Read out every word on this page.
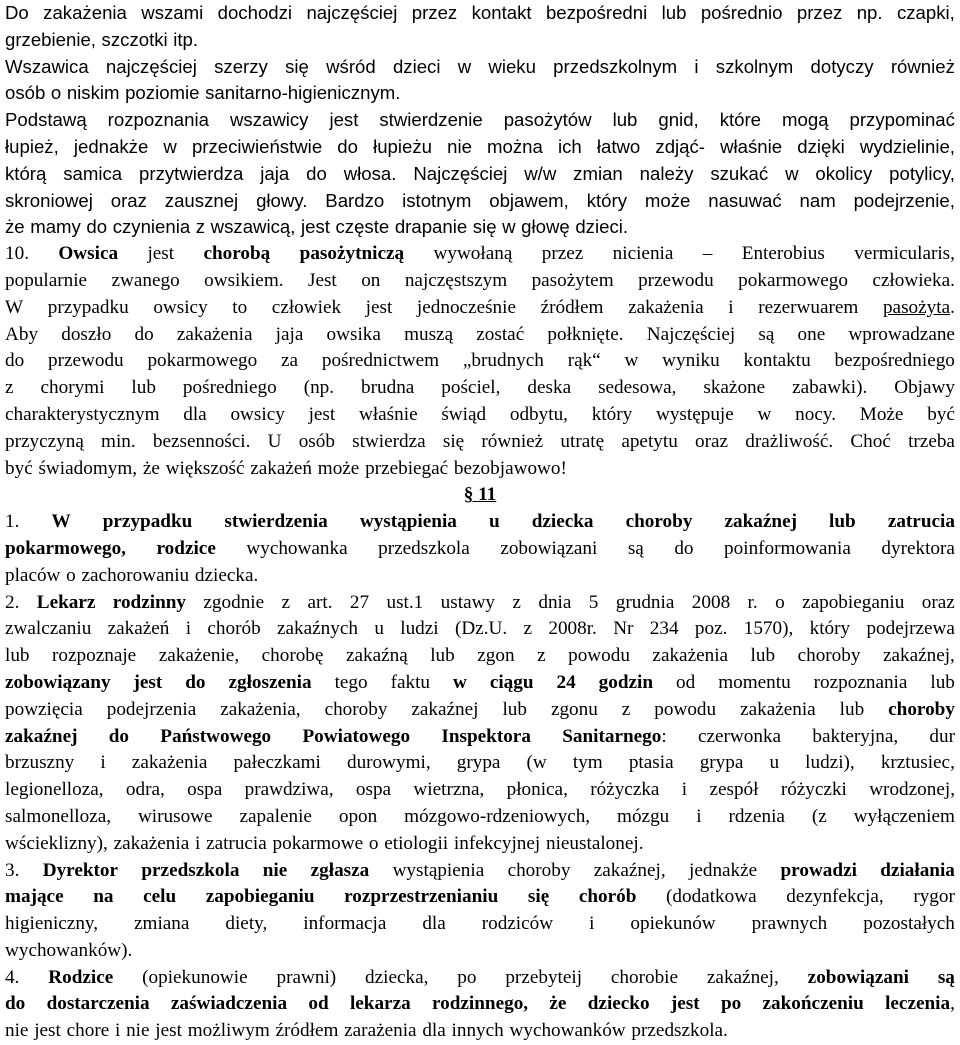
Do zakażenia wszami dochodzi najczęściej przez kontakt bezpośredni lub pośrednio przez np. czapki,
grzebienie, szczotki itp.
Wszawica najczęściej szerzy się wśród dzieci w wieku przedszkolnym i szkolnym dotyczy również
osób o niskim poziomie sanitarno-higienicznym.
Podstawą rozpoznania wszawicy jest stwierdzenie pasożytów lub gnid, które mogą przypominać
łupież, jednakże w przeciwieństwie do łupieżu nie można ich łatwo zdjąć- właśnie dzięki wydzielinie,
którą samica przytwierdza jaja do włosa. Najczęściej w/w zmian należy szukać w okolicy potylicy,
skroniowej oraz zausznej głowy. Bardzo istotnym objawem, który może nasuwać nam podejrzenie,
że mamy do czynienia z wszawicą, jest częste drapanie się w głowę dzieci.
10. Owsica jest chorobą pasożytniczą wywołaną przez nicienia – Enterobius vermicularis,
popularnie zwanego owsikiem. Jest on najczęstszym pasożytem przewodu pokarmowego człowieka.
W przypadku owsicy to człowiek jest jednocześnie źródłem zakażenia i rezerwuarem pasożyta.
Aby doszło do zakażenia jaja owsika muszą zostać połknięte. Najczęściej są one wprowadzane
do przewodu pokarmowego za pośrednictwem „brudnych rąk“ w wyniku kontaktu bezpośredniego
z chorymi lub pośredniego (np. brudna pościel, deska sedesowa, skażone zabawki). Objawy
charakterystycznym dla owsicy jest właśnie świąd odbytu, który występuje w nocy. Może być
przyczyną min. bezsenności. U osób stwierdza się również utratę apetytu oraz drażliwość. Choć trzeba
być świadomym, że większość zakażeń może przebiegać bezobjawowo!
§ 11
1. W przypadku stwierdzenia wystąpienia u dziecka choroby zakaźnej lub zatrucia
pokarmowego, rodzice wychowanka przedszkola zobowiązani są do poinformowania dyrektora
placów o zachorowaniu dziecka.
2. Lekarz rodzinny zgodnie z art. 27 ust.1 ustawy z dnia 5 grudnia 2008 r. o zapobieganiu oraz
zwalczaniu zakażeń i chorób zakaźnych u ludzi (Dz.U. z 2008r. Nr 234 poz. 1570), który podejrzewa
lub rozpoznaje zakażenie, chorobę zakaźną lub zgon z powodu zakażenia lub choroby zakaźnej,
zobowiązany jest do zgłoszenia tego faktu w ciągu 24 godzin od momentu rozpoznania lub
powzięcia podejrzenia zakażenia, choroby zakaźnej lub zgonu z powodu zakażenia lub choroby
zakaźnej do Państwowego Powiatowego Inspektora Sanitarnego: czerwonka bakteryjna, dur
brzuszny i zakażenia pałeczkami durowymi, grypa (w tym ptasia grypa u ludzi), krztusiec,
legionelloza, odra, ospa prawdziwa, ospa wietrzna, płonica, różyczka i zespół różyczki wrodzonej,
salmonelloza, wirusowe zapalenie opon mózgowo-rdzeniowych, mózgu i rdzenia (z wyłączeniem
wścieklizny), zakażenia i zatrucia pokarmowe o etiologii infekcyjnej nieustalonej.
3. Dyrektor przedszkola nie zgłasza wystąpienia choroby zakaźnej, jednakże prowadzi działania
mające na celu zapobieganiu rozprzestrzenianiu się chorób (dodatkowa dezynfekcja, rygor
higieniczny, zmiana diety, informacja dla rodziców i opiekunów prawnych pozostałych
wychowanków).
4. Rodzice (opiekunowie prawni) dziecka, po przebyteij chorobie zakaźnej, zobowiązani są
do dostarczenia zaświadczenia od lekarza rodzinnego, że dziecko jest po zakończeniu leczenia,
nie jest chore i nie jest możliwym źródłem zarażenia dla innych wychowanków przedszkola.
